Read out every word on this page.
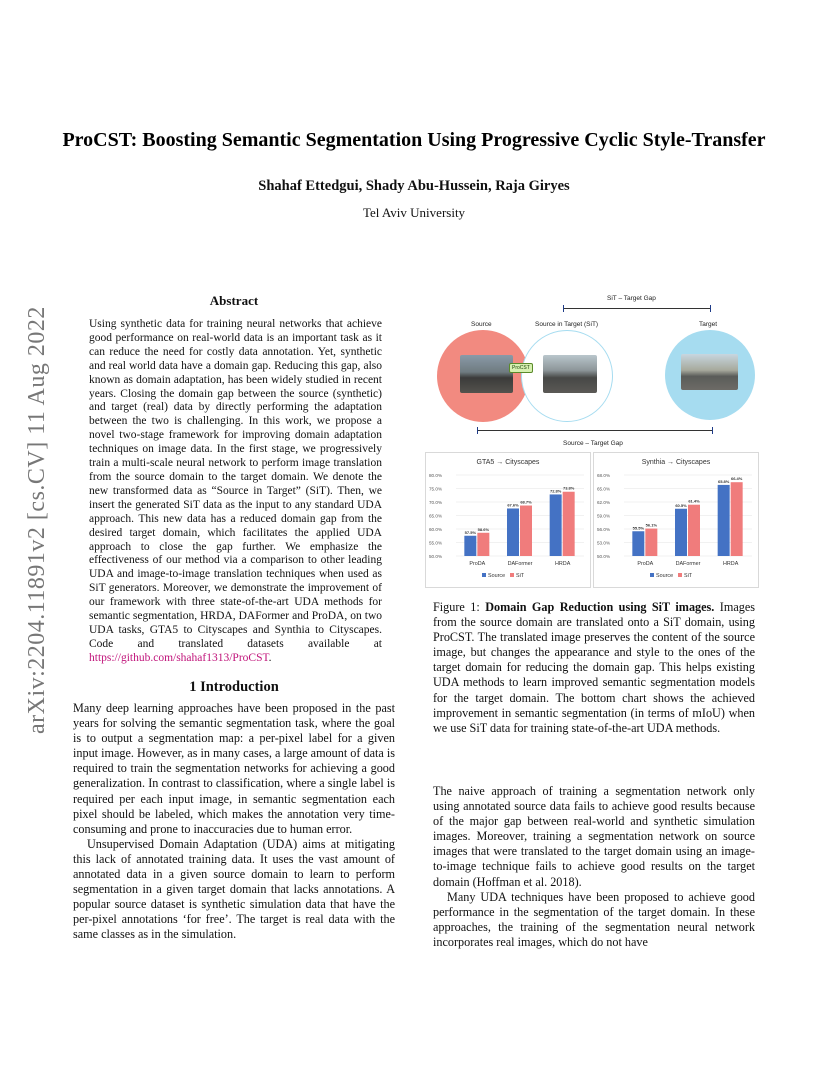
arXiv:2204.11891v2 [cs.CV] 11 Aug 2022
ProCST: Boosting Semantic Segmentation Using Progressive Cyclic Style-Transfer
Shahaf Ettedgui, Shady Abu-Hussein, Raja Giryes
Tel Aviv University
Abstract
Using synthetic data for training neural networks that achieve good performance on real-world data is an important task as it can reduce the need for costly data annotation. Yet, synthetic and real world data have a domain gap. Reducing this gap, also known as domain adaptation, has been widely studied in recent years. Closing the domain gap between the source (synthetic) and target (real) data by directly performing the adaptation between the two is challenging. In this work, we propose a novel two-stage framework for improving domain adaptation techniques on image data. In the first stage, we progressively train a multi-scale neural network to perform image translation from the source domain to the target domain. We denote the new transformed data as “Source in Target” (SiT). Then, we insert the generated SiT data as the input to any standard UDA approach. This new data has a reduced domain gap from the desired target domain, which facilitates the applied UDA approach to close the gap further. We emphasize the effectiveness of our method via a comparison to other leading UDA and image-to-image translation techniques when used as SiT generators. Moreover, we demonstrate the improvement of our framework with three state-of-the-art UDA methods for semantic segmentation, HRDA, DAFormer and ProDA, on two UDA tasks, GTA5 to Cityscapes and Synthia to Cityscapes. Code and translated datasets available at https://github.com/shahaf1313/ProCST.
1 Introduction

Many deep learning approaches have been proposed in the past years for solving the semantic segmentation task, where the goal is to output a segmentation map: a per-pixel label for a given input image. However, as in many cases, a large amount of data is required to train the segmentation networks for achieving a good generalization. In contrast to classification, where a single label is required per each input image, in semantic segmentation each pixel should be labeled, which makes the annotation very time-consuming and prone to inaccuracies due to human error.

Unsupervised Domain Adaptation (UDA) aims at mitigating this lack of annotated training data. It uses the vast amount of annotated data in a given source domain to learn to perform segmentation in a given target domain that lacks annotations. A popular source dataset is synthetic simulation data that have the per-pixel annotations ‘for free’. The target is real data with the same classes as in the simulation.

SiT – Target Gap
Source	Source in Target (SiT)	Target
ProCST
Source – Target Gap
GTA5 → Cityscapes
80.0%
75.0%
70.0%
65.0%
60.0%
55.0%
50.0%
57.5%
58.6%
ProDA
67.6%
68.7%
DAFormer
72.8%
73.8%
HRDA
Source SiT
Synthia → Cityscapes
68.0%
65.0%
62.0%
59.0%
56.0%
53.0%
50.0%
55.5%
56.1%
ProDA
60.5%
61.4%
DAFormer
65.8%
66.4%
HRDA
Source SiT
Figure 1: Domain Gap Reduction using SiT images. Images from the source domain are translated onto a SiT domain, using ProCST. The translated image preserves the content of the source image, but changes the appearance and style to the ones of the target domain for reducing the domain gap. This helps existing UDA methods to learn improved semantic segmentation models for the target domain. The bottom chart shows the achieved improvement in semantic segmentation (in terms of mIoU) when we use SiT data for training state-of-the-art UDA methods.

The naive approach of training a segmentation network only using annotated source data fails to achieve good results because of the major gap between real-world and synthetic simulation images. Moreover, training a segmentation network on source images that were translated to the target domain using an image-to-image technique fails to achieve good results on the target domain (Hoffman et al. 2018).

Many UDA techniques have been proposed to achieve good performance in the segmentation of the target domain. In these approaches, the training of the segmentation neural network incorporates real images, which do not have
